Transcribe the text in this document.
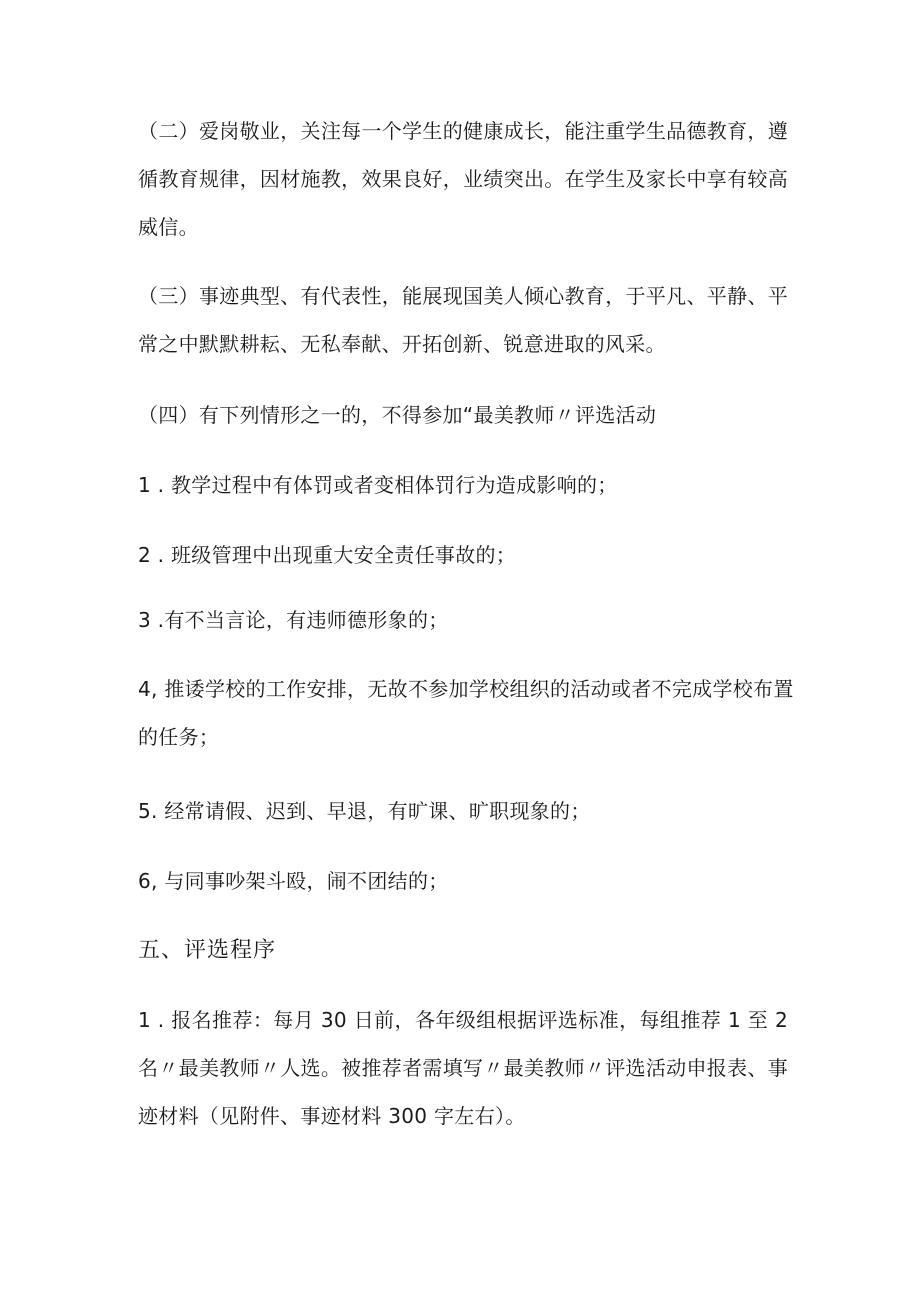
（二）爱岗敬业，关注每一个学生的健康成长，能注重学生品德教育，遵
循教育规律，因材施教，效果良好，业绩突出。在学生及家长中享有较高
威信。
（三）事迹典型、有代表性，能展现国美人倾心教育，于平凡、平静、平
常之中默默耕耘、无私奉献、开拓创新、锐意进取的风采。
（四）有下列情形之一的，不得参加“最美教师〃评选活动
1 . 教学过程中有体罚或者变相体罚行为造成影响的；
2 . 班级管理中出现重大安全责任事故的；
3 .有不当言论，有违师德形象的；
4, 推诿学校的工作安排，无故不参加学校组织的活动或者不完成学校布置
的任务；
5. 经常请假、迟到、早退，有旷课、旷职现象的；
6, 与同事吵架斗殴，闹不团结的；
五、评选程序
1 . 报名推荐：每月 30 日前，各年级组根据评选标准，每组推荐 1 至 2
名〃最美教师〃人选。被推荐者需填写〃最美教师〃评选活动申报表、事
迹材料（见附件、事迹材料 300 字左右）。
